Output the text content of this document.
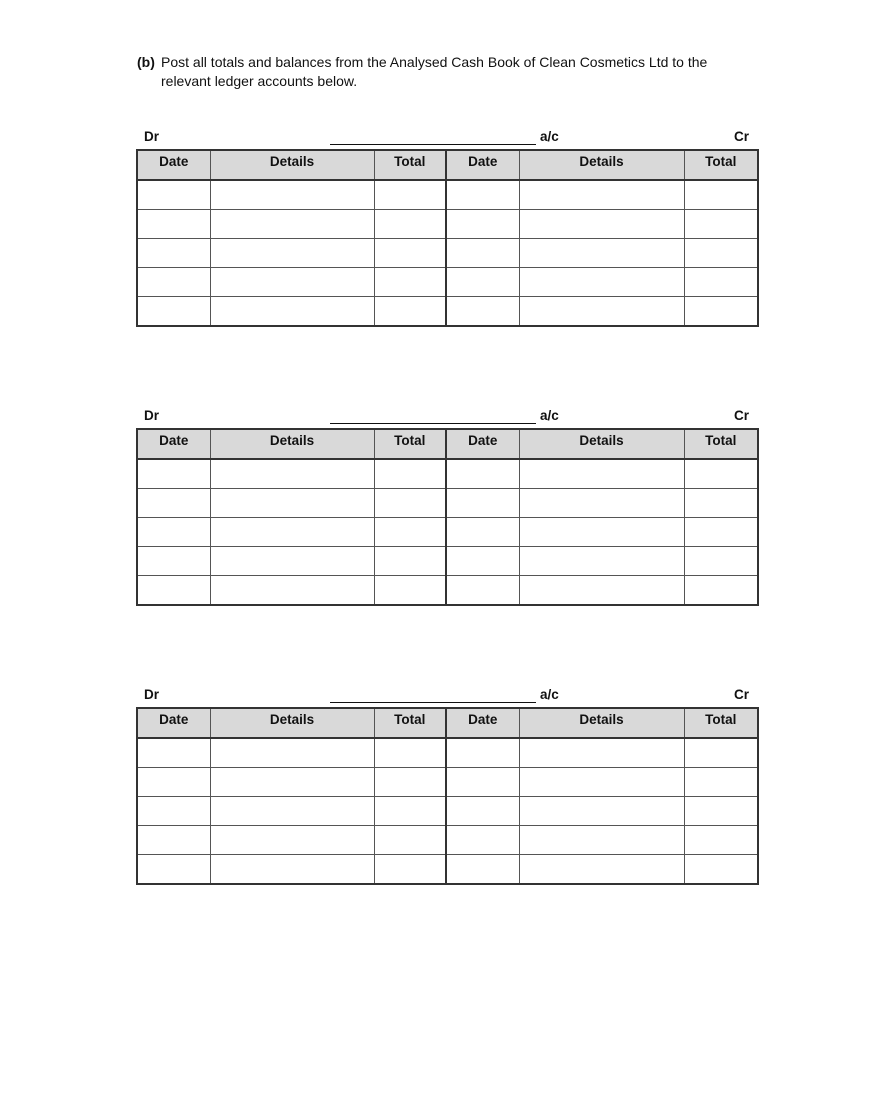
(b) Post all totals and balances from the Analysed Cash Book of Clean Cosmetics Ltd to the
relevant ledger accounts below.
Dr	a/c	Cr
Date	Details	Total	Date	Details	Total

Dr	a/c	Cr
Date	Details	Total	Date	Details	Total

Dr	a/c	Cr
Date	Details	Total	Date	Details	Total
